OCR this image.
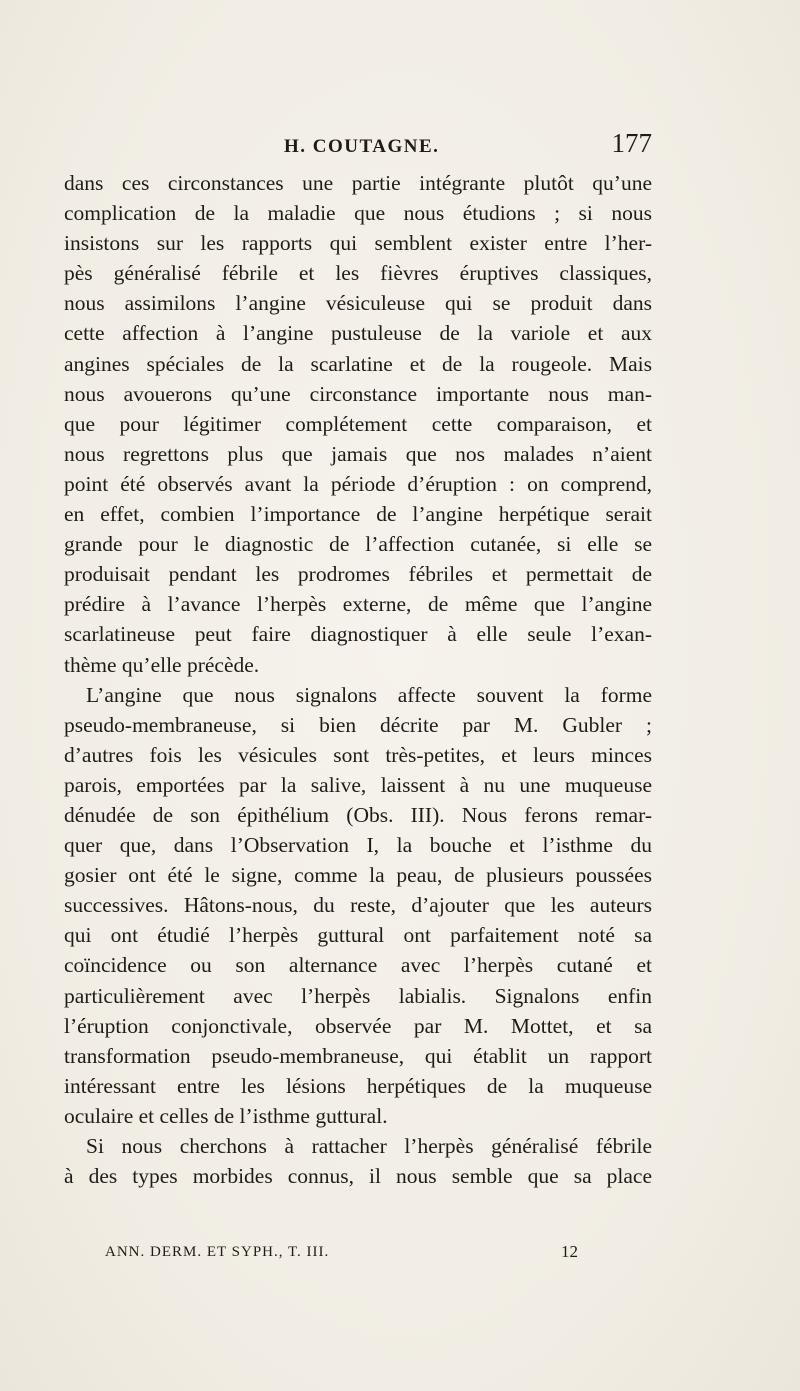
H. COUTAGNE.	177
dans ces circonstances une partie intégrante plutôt qu’une
complication de la maladie que nous étudions ; si nous
insistons sur les rapports qui semblent exister entre l’her-
pès généralisé fébrile et les fièvres éruptives classiques,
nous assimilons l’angine vésiculeuse qui se produit dans
cette affection à l’angine pustuleuse de la variole et aux
angines spéciales de la scarlatine et de la rougeole. Mais
nous avouerons qu’une circonstance importante nous man-
que pour légitimer complétement cette comparaison, et
nous regrettons plus que jamais que nos malades n’aient
point été observés avant la période d’éruption : on comprend,
en effet, combien l’importance de l’angine herpétique serait
grande pour le diagnostic de l’affection cutanée, si elle se
produisait pendant les prodromes fébriles et permettait de
prédire à l’avance l’herpès externe, de même que l’angine
scarlatineuse peut faire diagnostiquer à elle seule l’exan-
thème qu’elle précède.
L’angine que nous signalons affecte souvent la forme
pseudo-membraneuse, si bien décrite par M. Gubler ;
d’autres fois les vésicules sont très-petites, et leurs minces
parois, emportées par la salive, laissent à nu une muqueuse
dénudée de son épithélium (Obs. III). Nous ferons remar-
quer que, dans l’Observation I, la bouche et l’isthme du
gosier ont été le signe, comme la peau, de plusieurs poussées
successives. Hâtons-nous, du reste, d’ajouter que les auteurs
qui ont étudié l’herpès guttural ont parfaitement noté sa
coïncidence ou son alternance avec l’herpès cutané et
particulièrement avec l’herpès labialis. Signalons enfin
l’éruption conjonctivale, observée par M. Mottet, et sa
transformation pseudo-membraneuse, qui établit un rapport
intéressant entre les lésions herpétiques de la muqueuse
oculaire et celles de l’isthme guttural.
Si nous cherchons à rattacher l’herpès généralisé fébrile
à des types morbides connus, il nous semble que sa place
ANN. DERM. ET SYPH., T. III.	12
